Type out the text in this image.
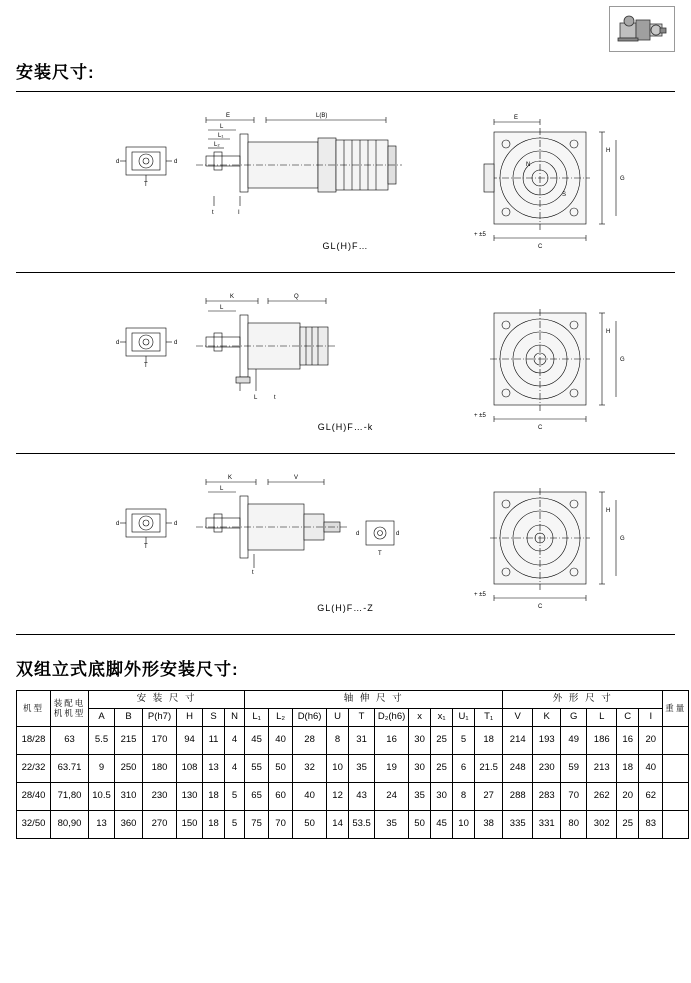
安装尺寸:
d	d
T
E	L(B)
L
L₁
L₂
t	I
E
H
G
C
+ ±5
N
S
GL(H)F…
d	d
T
K	Q
L
L	t
H
G
C
+ ±5
GL(H)F…-k
d	d
T
K	V
L
t
d	d
T
H
G
C
+ ±5
GL(H)F…-Z
双组立式底脚外形安装尺寸:
机型	装配电机机型	安 装 尺 寸						轴 伸 尺 寸										外 形 尺 寸						重量
		A	B	P(h7)	H	S	N	L₁	L₂	D(h6)	U	T	D₂(h6)	x	x₁	U₁	T₁	V	K	G	L	C	I	
18/28	63	5.5	215	170	94	11	4	45	40	28	8	31	16	30	25	5	18	214	193	49	186	16	20	
22/32	63.71	9	250	180	108	13	4	55	50	32	10	35	19	30	25	6	21.5	248	230	59	213	18	40	
28/40	71,80	10.5	310	230	130	18	5	65	60	40	12	43	24	35	30	8	27	288	283	70	262	20	62	
32/50	80,90	13	360	270	150	18	5	75	70	50	14	53.5	35	50	45	10	38	335	331	80	302	25	83	
